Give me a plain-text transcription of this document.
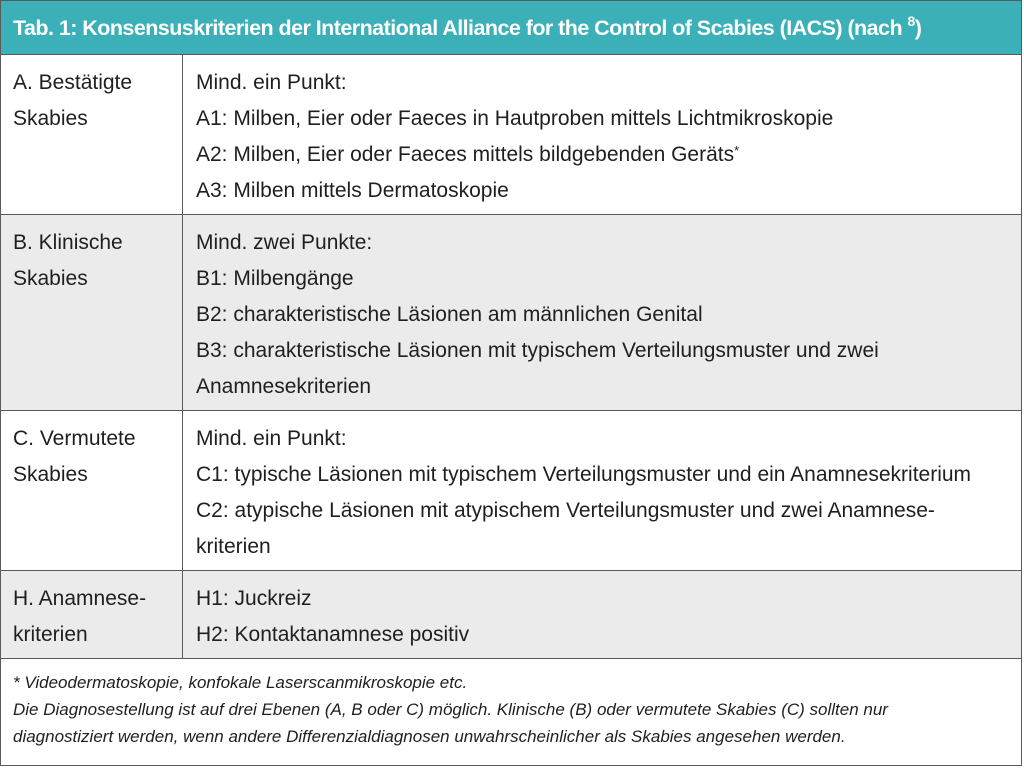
Tab. 1: Konsensuskriterien der International Alliance for the Control of Scabies (IACS) (nach $^8$)
A. Bestätigte
Skabies
Mind. ein Punkt:
A1: Milben, Eier oder Faeces in Hautproben mittels Lichtmikroskopie
A2: Milben, Eier oder Faeces mittels bildgebenden Geräts*
A3: Milben mittels Dermatoskopie
B. Klinische
Skabies
Mind. zwei Punkte:
B1: Milbengänge
B2: charakteristische Läsionen am männlichen Genital
B3: charakteristische Läsionen mit typischem Verteilungsmuster und zwei
Anamnesekriterien
C. Vermutete
Skabies
Mind. ein Punkt:
C1: typische Läsionen mit typischem Verteilungsmuster und ein Anamnesekriterium
C2: atypische Läsionen mit atypischem Verteilungsmuster und zwei Anamnese-
kriterien
H. Anamnese-
kriterien
H1: Juckreiz
H2: Kontaktanamnese positiv
* Videodermatoskopie, konfokale Laserscanmikroskopie etc.
Die Diagnosestellung ist auf drei Ebenen (A, B oder C) möglich. Klinische (B) oder vermutete Skabies (C) sollten nur
diagnostiziert werden, wenn andere Differenzialdiagnosen unwahrscheinlicher als Skabies angesehen werden.
